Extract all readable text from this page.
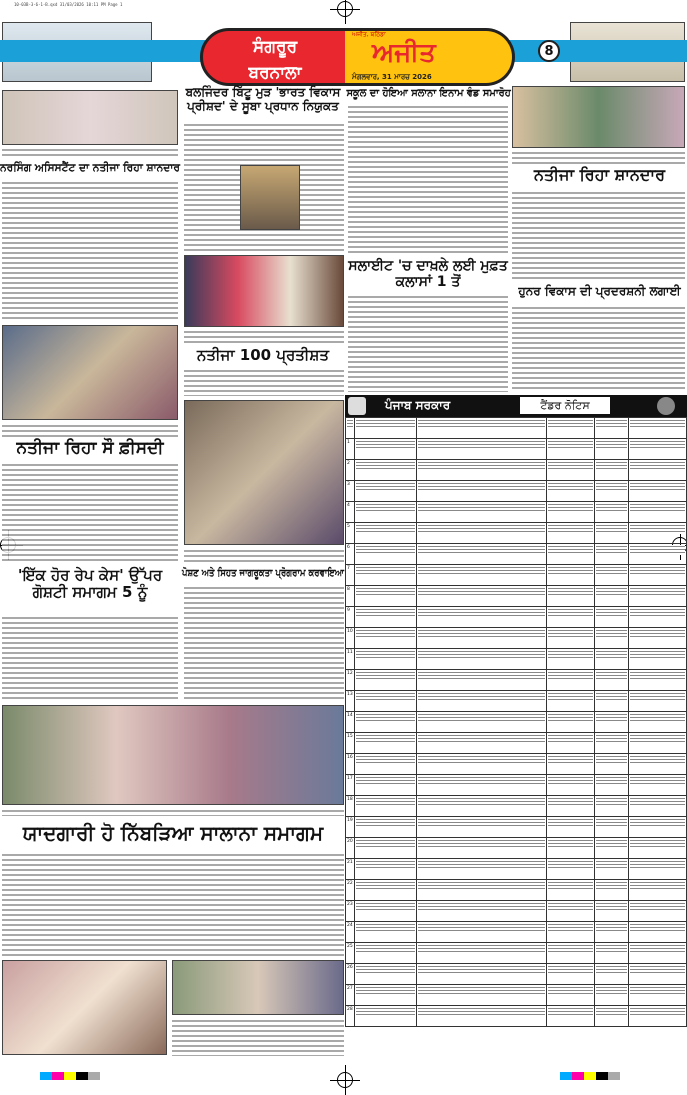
10-03B-3-6-1-B.qxd 31/03/2026 10:11 PM Page 1
ਸੰਗਰੂਰ
ਬਰਨਾਲਾ
ਅਜੀਤ, ਬਠਿੰਡਾ
ਅਜੀਤ
ਮੰਗਲਵਾਰ, 31 ਮਾਰਚ 2026
8
ਨਰਸਿੰਗ ਅਸਿਸਟੈਂਟ ਦਾ ਨਤੀਜਾ ਰਿਹਾ ਸ਼ਾਨਦਾਰ
ਨਤੀਜਾ ਰਿਹਾ ਸੌ ਫ਼ੀਸਦੀ
'ਇੱਕ ਹੋਰ ਰੇਪ ਕੇਸ' ਉੱਪਰ ਗੋਸ਼ਟੀ ਸਮਾਗਮ 5 ਨੂੰ
ਬਲਜਿੰਦਰ ਬਿੱਟੂ ਮੁੜ 'ਭਾਰਤ ਵਿਕਾਸ ਪ੍ਰੀਸ਼ਦ' ਦੇ ਸੂਬਾ ਪ੍ਰਧਾਨ ਨਿਯੁਕਤ
ਨਤੀਜਾ 100 ਪ੍ਰਤੀਸ਼ਤ
ਪੋਸ਼ਣ ਅਤੇ ਸਿਹਤ ਜਾਗਰੂਕਤਾ ਪ੍ਰੋਗਰਾਮ ਕਰਵਾਇਆ
ਯਾਦਗਾਰੀ ਹੋ ਨਿੱਬੜਿਆ ਸਾਲਾਨਾ ਸਮਾਗਮ
ਸਕੂਲ ਦਾ ਹੋਇਆ ਸਲਾਨਾ ਇਨਾਮ ਵੰਡ ਸਮਾਰੋਹ
ਨਤੀਜਾ ਰਿਹਾ ਸ਼ਾਨਦਾਰ
ਸਲਾਈਟ 'ਚ ਦਾਖ਼ਲੇ ਲਈ ਮੁਫ਼ਤ ਕਲਾਸਾਂ 1 ਤੋਂ
ਹੁਨਰ ਵਿਕਾਸ ਦੀ ਪ੍ਰਦਰਸ਼ਨੀ ਲਗਾਈ
ਪੰਜਾਬ ਸਰਕਾਰ	ਟੈਂਡਰ ਨੋਟਿਸ

1	

2	

3	

4	

5	

6	

7	

8	

9	

10	

11	

12	

13	

14	

15	

16	

17	

18	

19	

20	

21	

22	

23	

24	

25	

26	

27	

28	
